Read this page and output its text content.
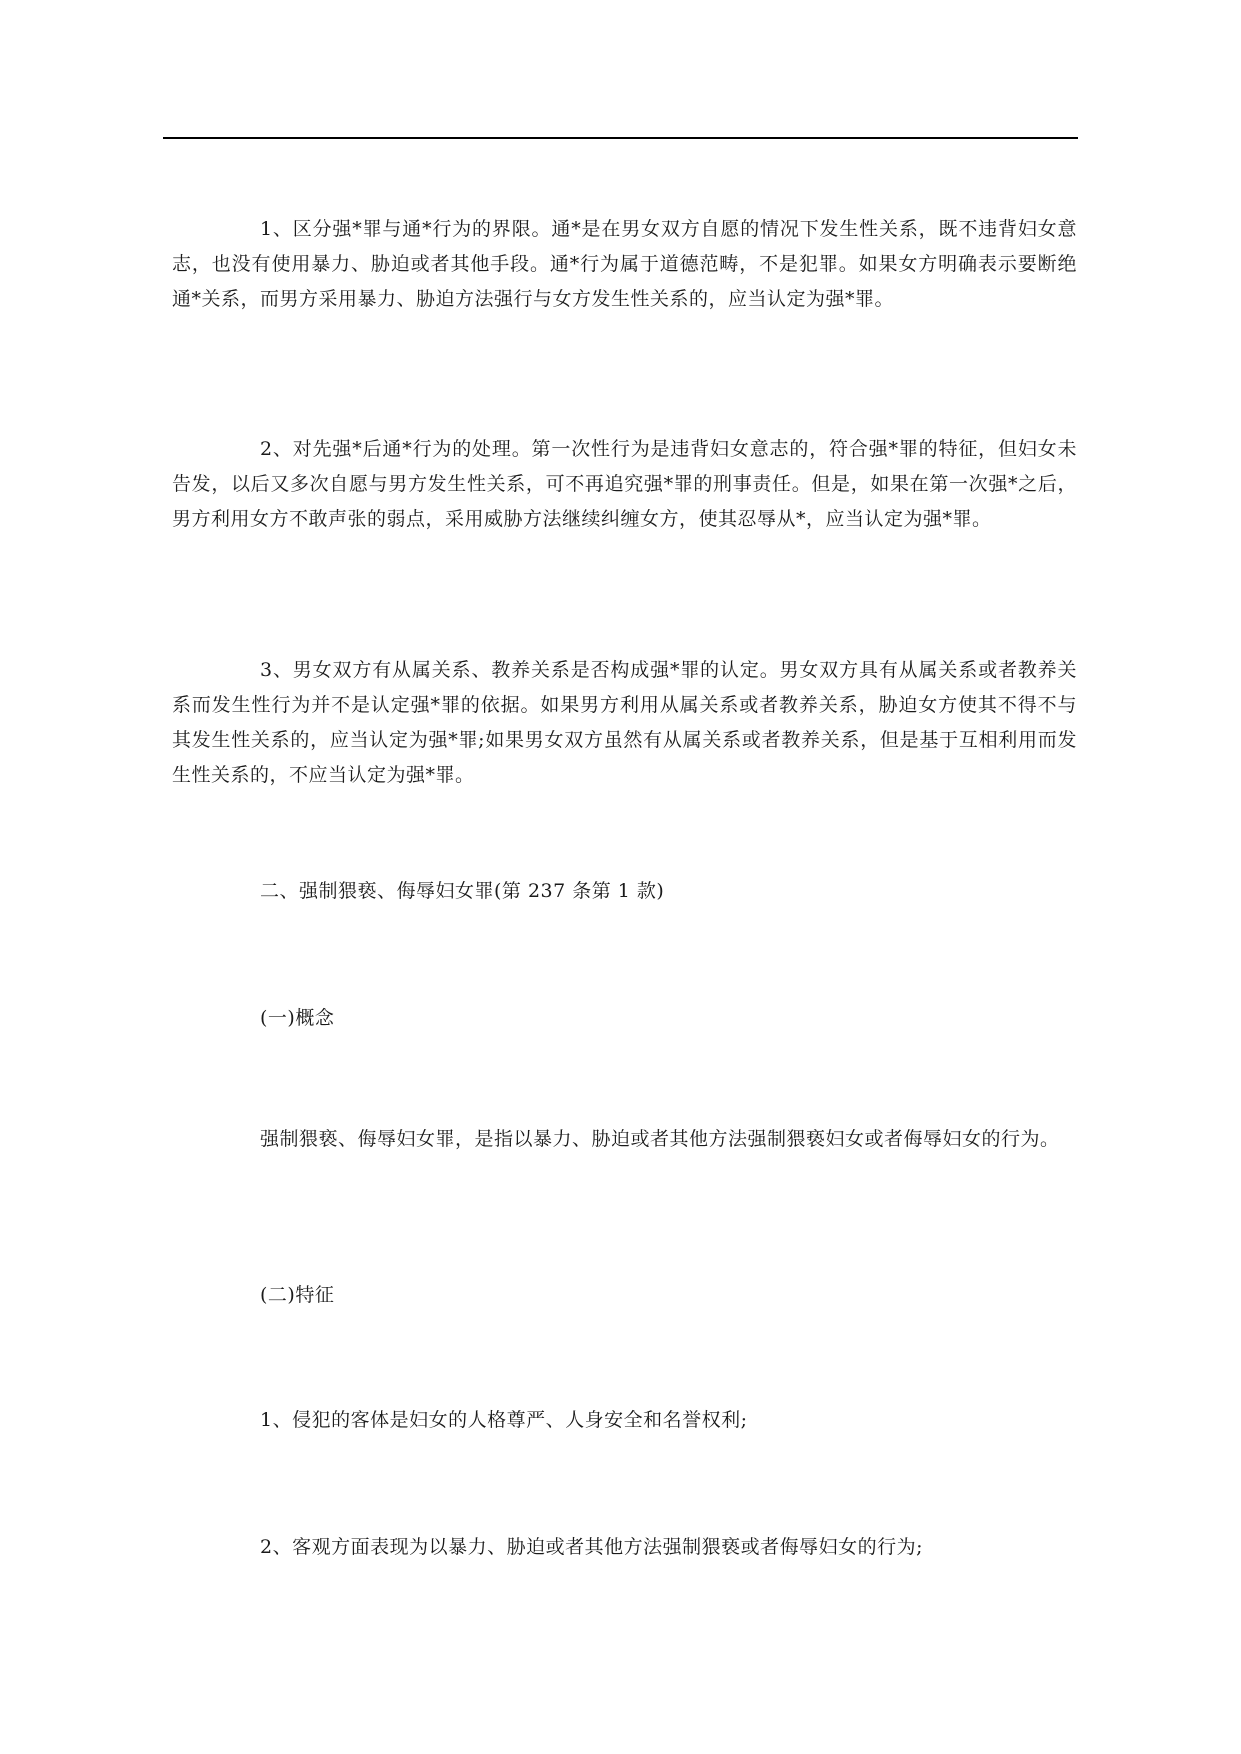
1、区分强*罪与通*行为的界限。通*是在男女双方自愿的情况下发生性关系，既不违背妇女意志，也没有使用暴力、胁迫或者其他手段。通*行为属于道德范畴，不是犯罪。如果女方明确表示要断绝通*关系，而男方采用暴力、胁迫方法强行与女方发生性关系的，应当认定为强*罪。

2、对先强*后通*行为的处理。第一次性行为是违背妇女意志的，符合强*罪的特征，但妇女未告发，以后又多次自愿与男方发生性关系，可不再追究强*罪的刑事责任。但是，如果在第一次强*之后，男方利用女方不敢声张的弱点，采用威胁方法继续纠缠女方，使其忍辱从*，应当认定为强*罪。

3、男女双方有从属关系、教养关系是否构成强*罪的认定。男女双方具有从属关系或者教养关系而发生性行为并不是认定强*罪的依据。如果男方利用从属关系或者教养关系，胁迫女方使其不得不与其发生性关系的，应当认定为强*罪;如果男女双方虽然有从属关系或者教养关系，但是基于互相利用而发生性关系的，不应当认定为强*罪。

二、强制猥亵、侮辱妇女罪(第 237 条第 1 款)

(一)概念

强制猥亵、侮辱妇女罪，是指以暴力、胁迫或者其他方法强制猥亵妇女或者侮辱妇女的行为。

(二)特征

1、侵犯的客体是妇女的人格尊严、人身安全和名誉权利;

2、客观方面表现为以暴力、胁迫或者其他方法强制猥亵或者侮辱妇女的行为;
